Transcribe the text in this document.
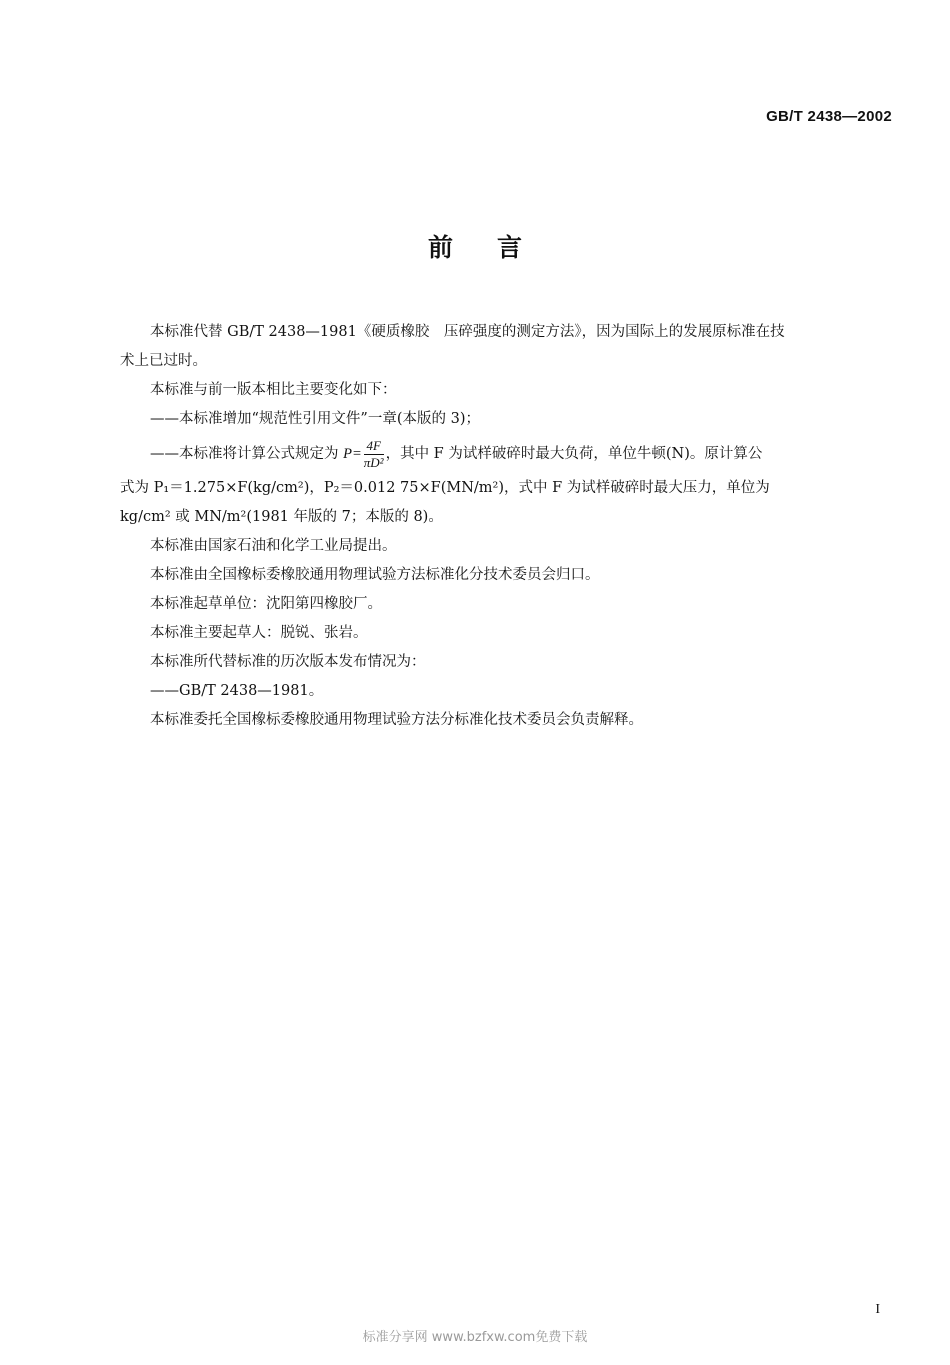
GB/T 2438—2002
前 言

本标准代替 GB/T 2438—1981《硬质橡胶　压碎强度的测定方法》，因为国际上的发展原标准在技

术上已过时。

本标准与前一版本相比主要变化如下：

——本标准增加“规范性引用文件”一章(本版的 3)；

——本标准将计算公式规定为 $P= \frac{4F}{\text{πD²}}$ ，其中 F 为试样破碎时最大负荷，单位牛顿(N)。原计算公

式为 P₁＝1.275×F(kg/cm²)，P₂＝0.012 75×F(MN/m²)，式中 F 为试样破碎时最大压力，单位为

kg/cm² 或 MN/m²(1981 年版的 7；本版的 8)。

本标准由国家石油和化学工业局提出。

本标准由全国橡标委橡胶通用物理试验方法标准化分技术委员会归口。

本标准起草单位：沈阳第四橡胶厂。

本标准主要起草人：脱锐、张岩。

本标准所代替标准的历次版本发布情况为：

——GB/T 2438—1981。

本标准委托全国橡标委橡胶通用物理试验方法分标准化技术委员会负责解释。

I
标准分享网 www.bzfxw.com免费下载
